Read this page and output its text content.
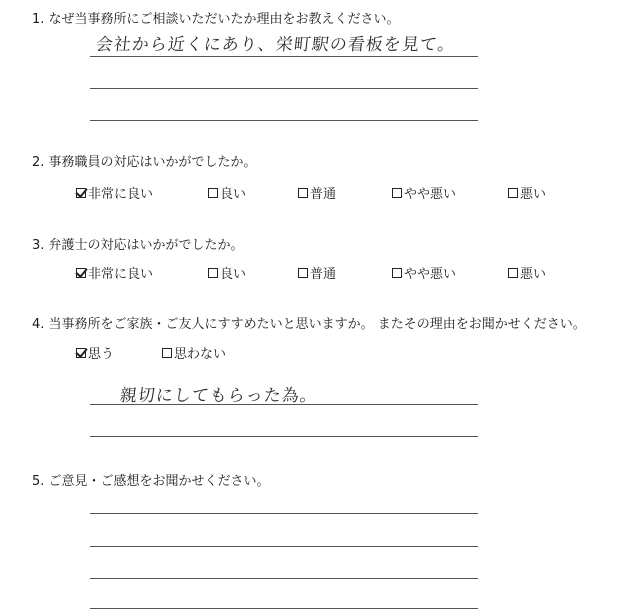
1. なぜ当事務所にご相談いただいたか理由をお教えください。
会社から近くにあり、栄町駅の看板を見て。
2. 事務職員の対応はいかがでしたか。
非常に良い	良い	普通	やや悪い	悪い
3. 弁護士の対応はいかがでしたか。
非常に良い	良い	普通	やや悪い	悪い
4. 当事務所をご家族・ご友人にすすめたいと思いますか。 またその理由をお聞かせください。
思う	思わない
親切にしてもらった為。
5. ご意見・ご感想をお聞かせください。
